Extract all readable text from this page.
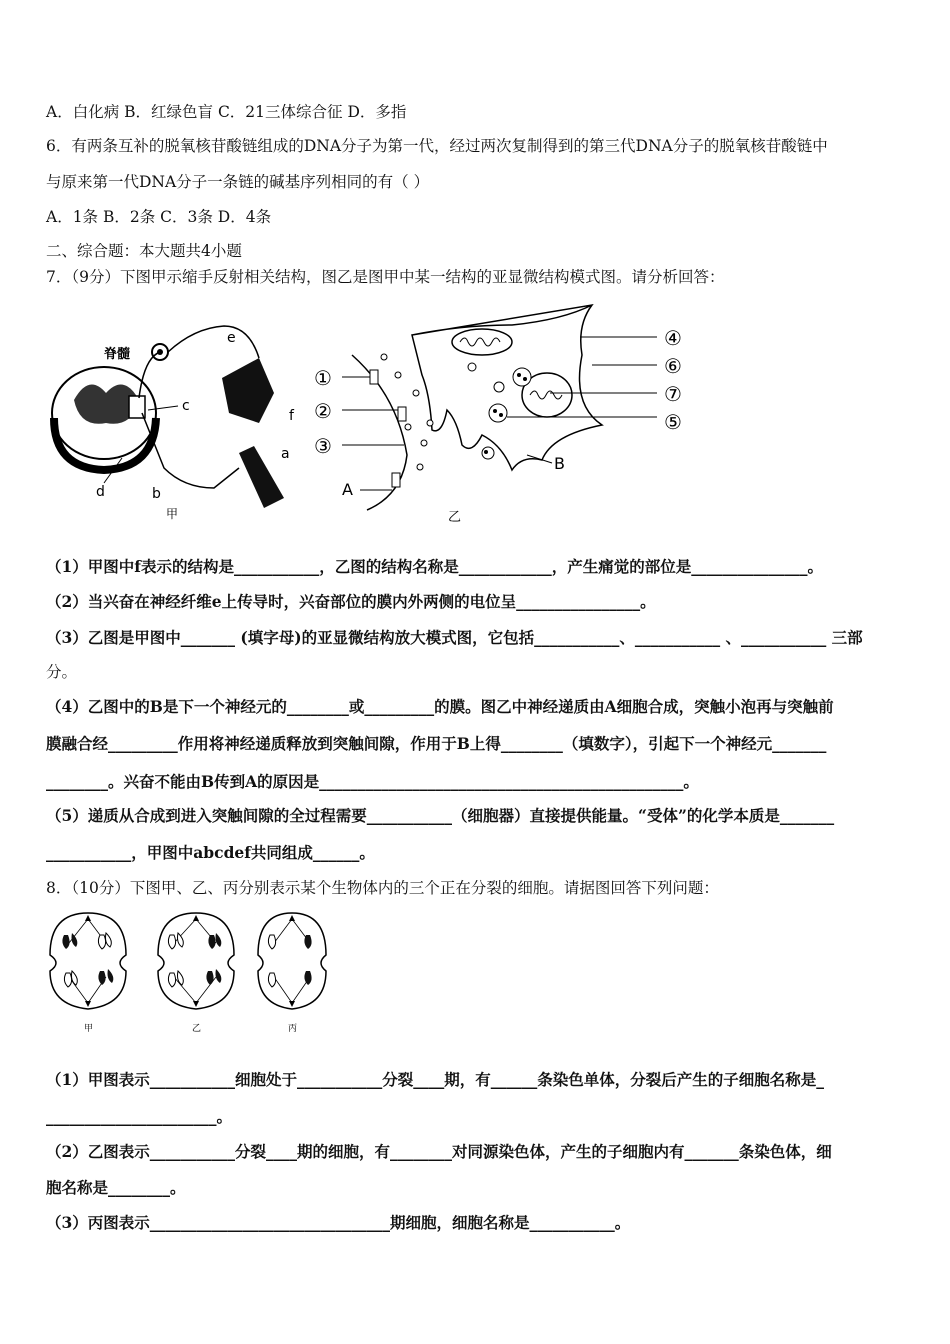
A．白化病 B．红绿色盲 C．21三体综合征 D．多指
6．有两条互补的脱氧核苷酸链组成的DNA分子为第一代，经过两次复制得到的第三代DNA分子的脱氧核苷酸链中
与原来第一代DNA分子一条链的碱基序列相同的有（ ）
A．1条 B．2条 C．3条 D．4条
二、综合题：本大题共4小题
7．（9分）下图甲示缩手反射相关结构，图乙是图甲中某一结构的亚显微结构模式图。请分析回答：
脊髓
e
c
f
a
d	b
甲
①
②
③
A
④
⑥
⑦
⑤
B
乙
（1）甲图中f表示的结构是___________，乙图的结构名称是____________，产生痛觉的部位是_______________。
（2）当兴奋在神经纤维e上传导时，兴奋部位的膜内外两侧的电位呈________________。
（3）乙图是甲图中_______ (填字母)的亚显微结构放大模式图，它包括___________、___________ 、___________ 三部
分。
（4）乙图中的B是下一个神经元的________或_________的膜。图乙中神经递质由A细胞合成，突触小泡再与突触前
膜融合经_________作用将神经递质释放到突触间隙，作用于B上得________（填数字），引起下一个神经元_______
________。兴奋不能由B传到A的原因是_______________________________________________。
（5）递质从合成到进入突触间隙的全过程需要___________（细胞器）直接提供能量。“受体”的化学本质是_______
___________，甲图中abcdef共同组成______。
8．（10分）下图甲、乙、丙分别表示某个生物体内的三个正在分裂的细胞。请据图回答下列问题：
甲	乙	丙
（1）甲图表示___________细胞处于___________分裂____期，有______条染色单体，分裂后产生的子细胞名称是_
______________________。
（2）乙图表示___________分裂____期的细胞，有________对同源染色体，产生的子细胞内有_______条染色体，细
胞名称是________。
（3）丙图表示_______________________________期细胞，细胞名称是___________。
